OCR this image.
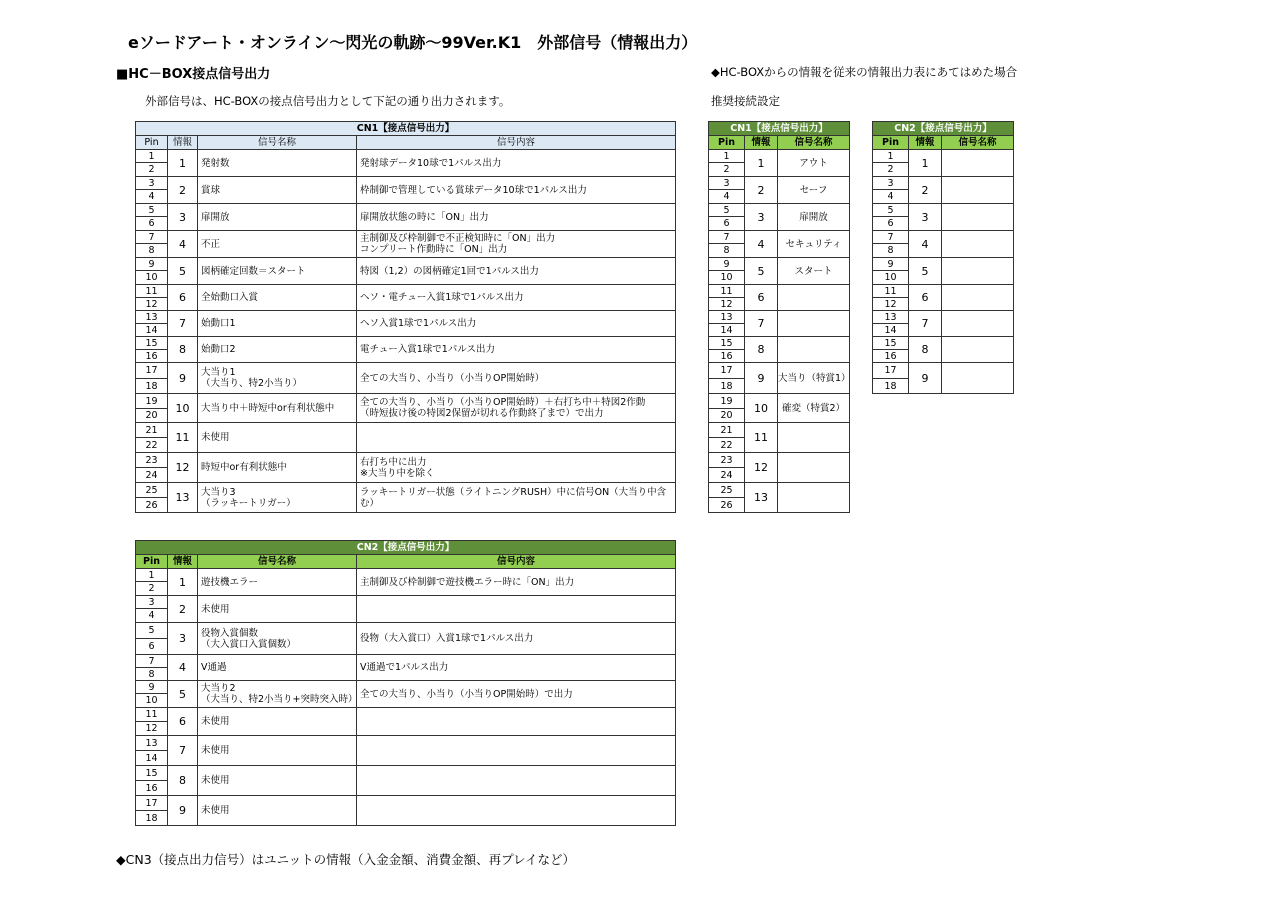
eソードアート・オンライン～閃光の軌跡～99Ver.K1　外部信号（情報出力）
■HC－BOX接点信号出力
外部信号は、HC-BOXの接点信号出力として下記の通り出力されます。
◆HC-BOXからの情報を従来の情報出力表にあてはめた場合
推奨接続設定
◆CN3（接点出力信号）はユニットの情報（入金金額、消費金額、再プレイなど）
CN1【接点信号出力】			
Pin	情報	信号名称	信号内容
1	1	発射数	発射球データ10球で1パルス出力
2			
3	2	賞球	枠制御で管理している賞球データ10球で1パルス出力
4			
5	3	扉開放	扉開放状態の時に「ON」出力
6			
7	4	不正	主制御及び枠制御で不正検知時に「ON」出力
コンプリート作動時に「ON」出力
8			
9	5	図柄確定回数＝スタート	特図（1,2）の図柄確定1回で1パルス出力
10			
11	6	全始動口入賞	ヘソ・電チュー入賞1球で1パルス出力
12			
13	7	始動口1	ヘソ入賞1球で1パルス出力
14			
15	8	始動口2	電チュー入賞1球で1パルス出力
16			
17	9	大当り1
（大当り、特2小当り）	全ての大当り、小当り（小当りOP開始時）
18			
19	10	大当り中＋時短中or有利状態中	全ての大当り、小当り（小当りOP開始時）＋右打ち中＋特図2作動
（時短抜け後の特図2保留が切れる作動終了まで）で出力
20			
21	11	未使用	
22			
23	12	時短中or有利状態中	右打ち中に出力
※大当り中を除く
24			
25	13	大当り3
（ラッキートリガー）	ラッキートリガー状態（ライトニングRUSH）中に信号ON（大当り中含む）
26			
CN2【接点信号出力】			
Pin	情報	信号名称	信号内容
1	1	遊技機エラー	主制御及び枠制御で遊技機エラー時に「ON」出力
2			
3	2	未使用	
4			
5	3	役物入賞個数
（大入賞口入賞個数）	役物（大入賞口）入賞1球で1パルス出力
6			
7	4	V通過	V通過で1パルス出力
8			
9	5	大当り2
（大当り、特2小当り+突時突入時）	全ての大当り、小当り（小当りOP開始時）で出力
10			
11	6	未使用	
12			
13	7	未使用	
14			
15	8	未使用	
16			
17	9	未使用	
18			
CN1【接点信号出力】		
Pin	情報	信号名称
1	1	アウト
2		
3	2	セーフ
4		
5	3	扉開放
6		
7	4	セキュリティ
8		
9	5	スタート
10		
11	6	
12		
13	7	
14		
15	8	
16		
17	9	大当り（特賞1）
18		
19	10	確変（特賞2）
20		
21	11	
22		
23	12	
24		
25	13	
26		
CN2【接点信号出力】		
Pin	情報	信号名称
1	1	
2		
3	2	
4		
5	3	
6		
7	4	
8		
9	5	
10		
11	6	
12		
13	7	
14		
15	8	
16		
17	9	
18		
